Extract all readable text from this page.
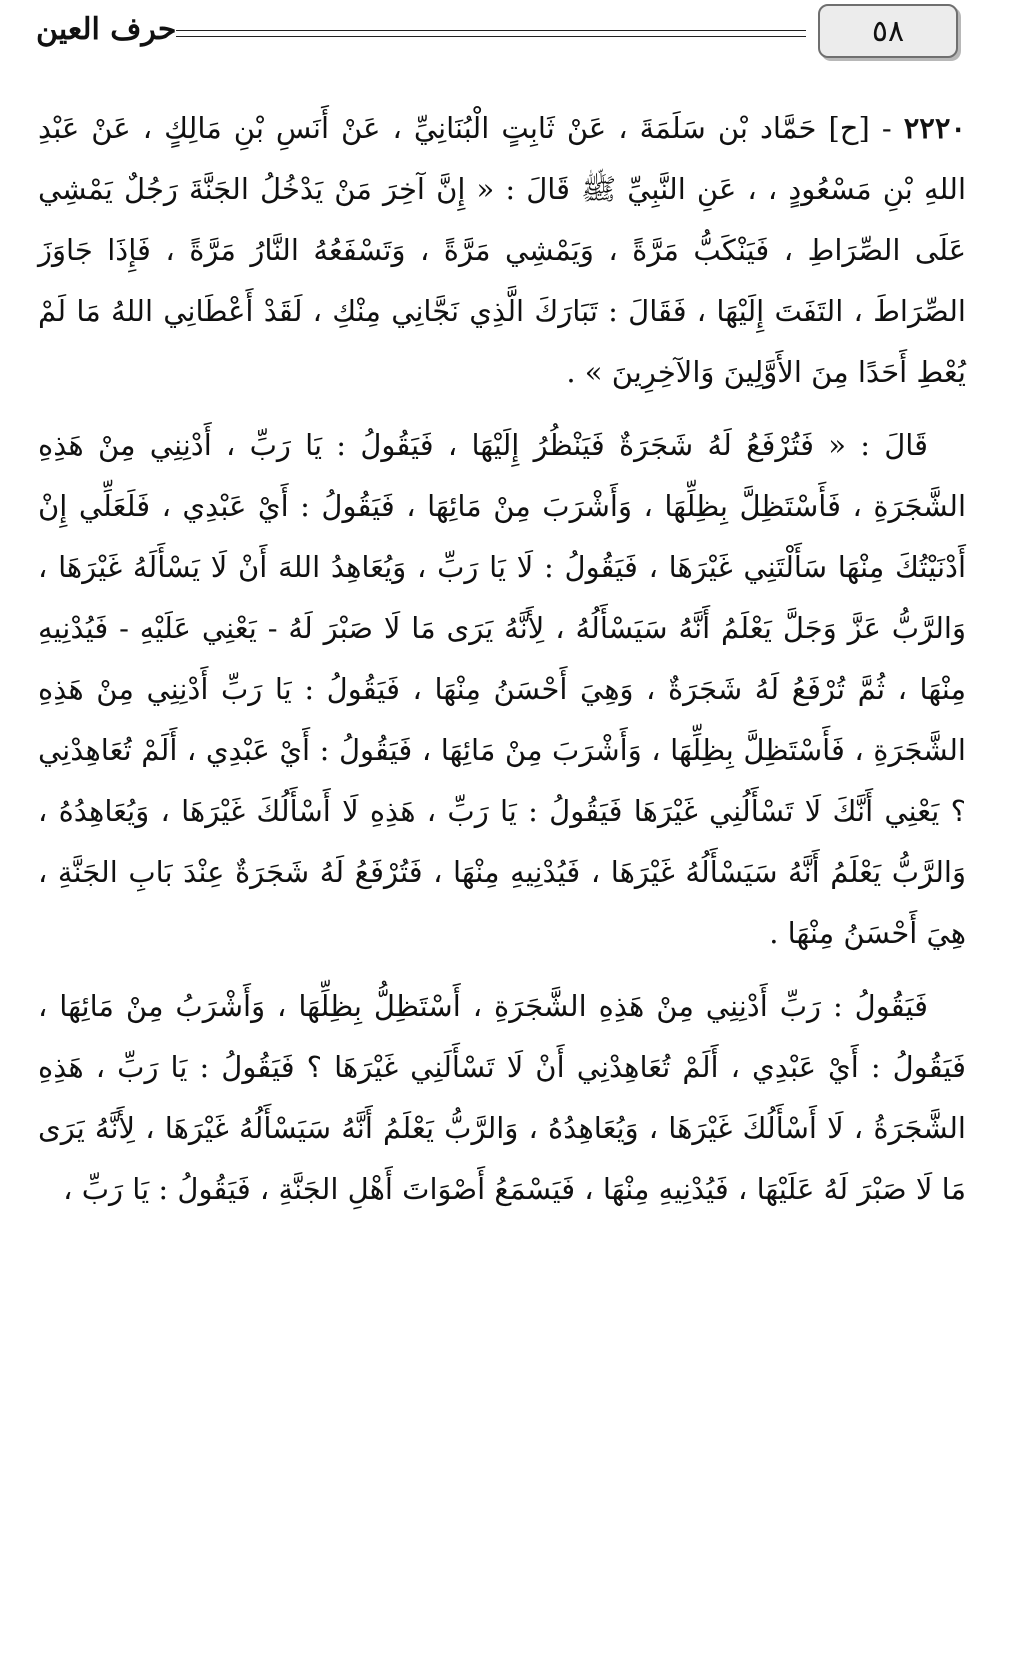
٥٨
حرف العين

٢٢٢٠ - [ح] حَمَّاد بْن سَلَمَةَ ، عَنْ ثَابِتٍ الْبُنَانِيِّ ، عَنْ أَنَسِ بْنِ مَالِكٍ ، عَنْ عَبْدِ اللهِ بْنِ مَسْعُودٍ ، ، عَنِ النَّبِيِّ ﷺ قَالَ : « إِنَّ آخِرَ مَنْ يَدْخُلُ الجَنَّةَ رَجُلٌ يَمْشِي عَلَى الصِّرَاطِ ، فَيَنْكَبُّ مَرَّةً ، وَيَمْشِي مَرَّةً ، وَتَسْفَعُهُ النَّارُ مَرَّةً ، فَإِذَا جَاوَزَ الصِّرَاطَ ، التَفَتَ إِلَيْهَا ، فَقَالَ : تَبَارَكَ الَّذِي نَجَّانِي مِنْكِ ، لَقَدْ أَعْطَانِي اللهُ مَا لَمْ يُعْطِ أَحَدًا مِنَ الأَوَّلِينَ وَالآخِرِينَ » .

قَالَ : « فَتُرْفَعُ لَهُ شَجَرَةٌ فَيَنْظُرُ إِلَيْهَا ، فَيَقُولُ : يَا رَبِّ ، أَدْنِنِي مِنْ هَذِهِ الشَّجَرَةِ ، فَأَسْتَظِلَّ بِظِلِّهَا ، وَأَشْرَبَ مِنْ مَائِهَا ، فَيَقُولُ : أَيْ عَبْدِي ، فَلَعَلِّي إِنْ أَدْنَيْتُكَ مِنْهَا سَأَلْتَنِي غَيْرَهَا ، فَيَقُولُ : لَا يَا رَبِّ ، وَيُعَاهِدُ اللهَ أَنْ لَا يَسْأَلَهُ غَيْرَهَا ، وَالرَّبُّ عَزَّ وَجَلَّ يَعْلَمُ أَنَّهُ سَيَسْأَلُهُ ، لِأَنَّهُ يَرَى مَا لَا صَبْرَ لَهُ - يَعْنِي عَلَيْهِ - فَيُدْنِيهِ مِنْهَا ، ثُمَّ تُرْفَعُ لَهُ شَجَرَةٌ ، وَهِيَ أَحْسَنُ مِنْهَا ، فَيَقُولُ : يَا رَبِّ أَدْنِنِي مِنْ هَذِهِ الشَّجَرَةِ ، فَأَسْتَظِلَّ بِظِلِّهَا ، وَأَشْرَبَ مِنْ مَائِهَا ، فَيَقُولُ : أَيْ عَبْدِي ، أَلَمْ تُعَاهِدْنِي ؟ يَعْنِي أَنَّكَ لَا تَسْأَلُنِي غَيْرَهَا فَيَقُولُ : يَا رَبِّ ، هَذِهِ لَا أَسْأَلُكَ غَيْرَهَا ، وَيُعَاهِدُهُ ، وَالرَّبُّ يَعْلَمُ أَنَّهُ سَيَسْأَلُهُ غَيْرَهَا ، فَيُدْنِيهِ مِنْهَا ، فَتُرْفَعُ لَهُ شَجَرَةٌ عِنْدَ بَابِ الجَنَّةِ ، هِيَ أَحْسَنُ مِنْهَا .

فَيَقُولُ : رَبِّ أَدْنِنِي مِنْ هَذِهِ الشَّجَرَةِ ، أَسْتَظِلُّ بِظِلِّهَا ، وَأَشْرَبُ مِنْ مَائِهَا ، فَيَقُولُ : أَيْ عَبْدِي ، أَلَمْ تُعَاهِدْنِي أَنْ لَا تَسْأَلَنِي غَيْرَهَا ؟ فَيَقُولُ : يَا رَبِّ ، هَذِهِ الشَّجَرَةُ ، لَا أَسْأَلُكَ غَيْرَهَا ، وَيُعَاهِدُهُ ، وَالرَّبُّ يَعْلَمُ أَنَّهُ سَيَسْأَلُهُ غَيْرَهَا ، لِأَنَّهُ يَرَى مَا لَا صَبْرَ لَهُ عَلَيْهَا ، فَيُدْنِيهِ مِنْهَا ، فَيَسْمَعُ أَصْوَاتَ أَهْلِ الجَنَّةِ ، فَيَقُولُ : يَا رَبِّ ،
